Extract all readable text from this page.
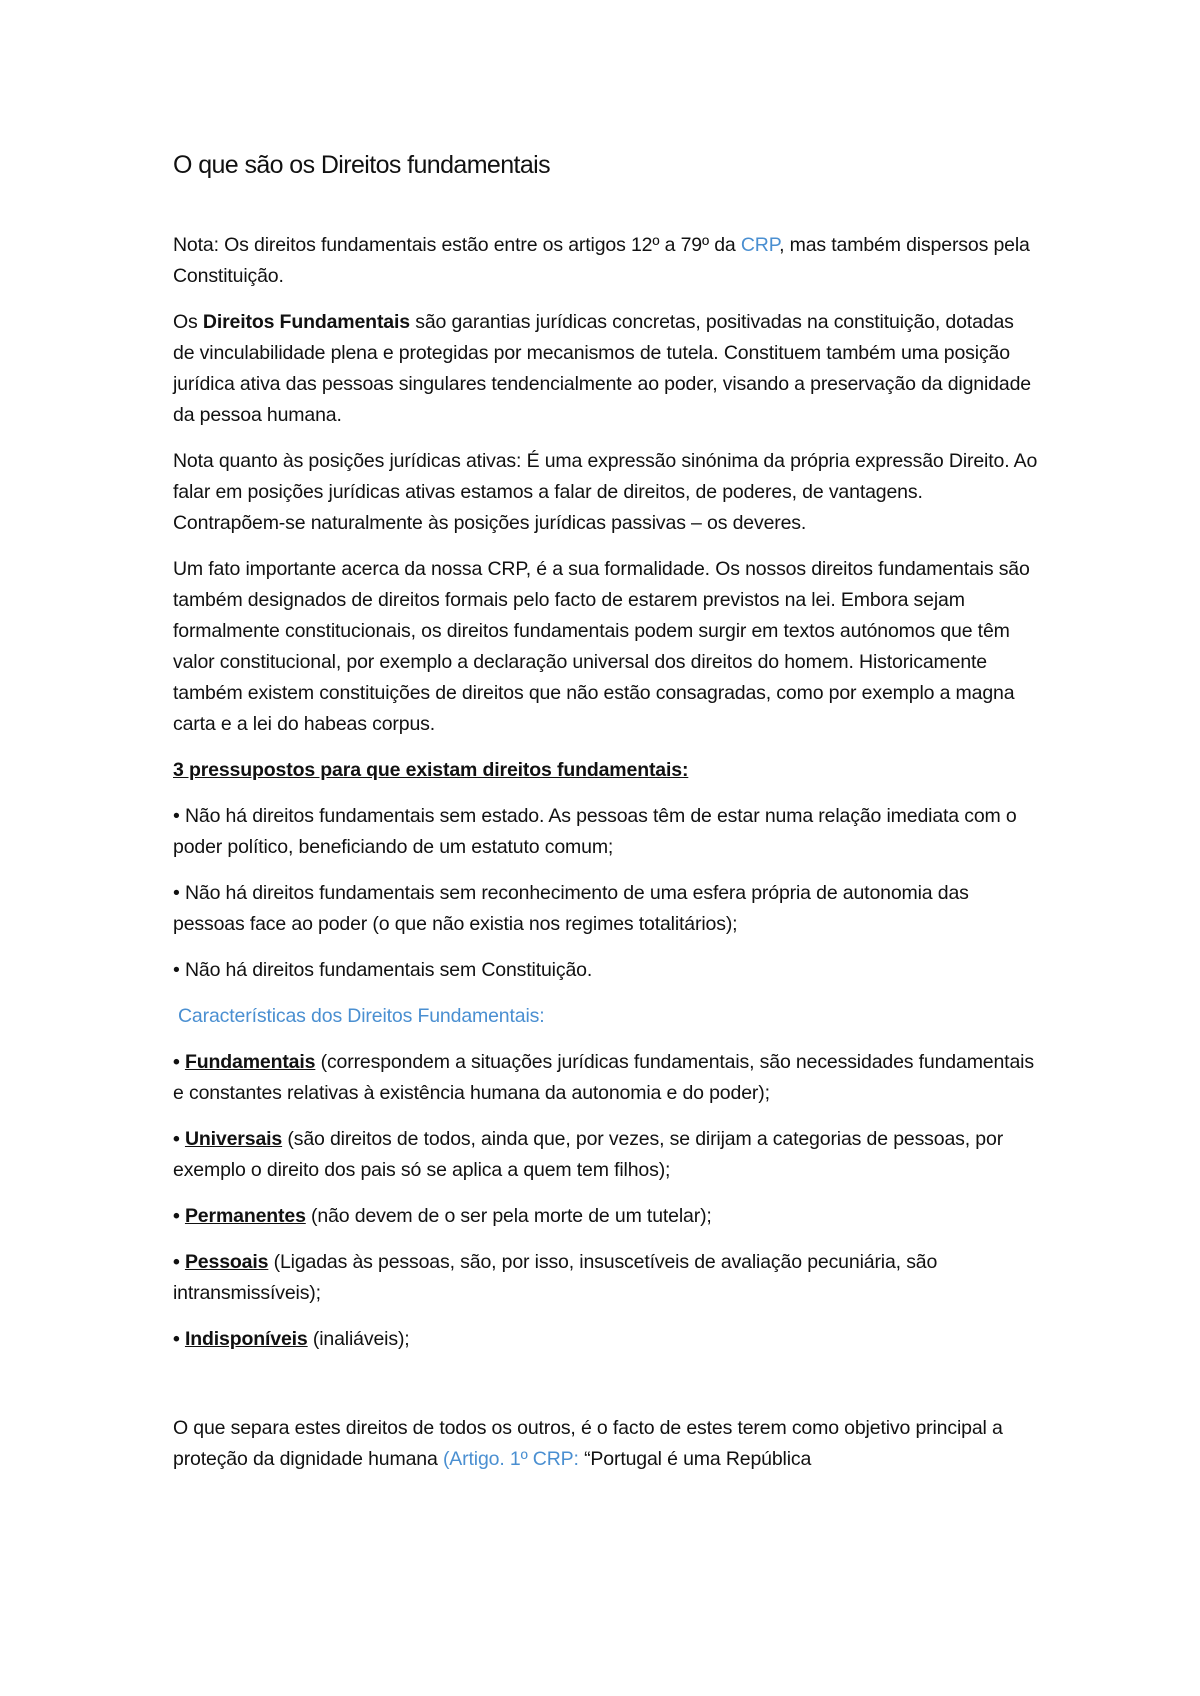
O que são os Direitos fundamentais

Nota: Os direitos fundamentais estão entre os artigos 12º a 79º da CRP, mas também dispersos pela Constituição.

Os Direitos Fundamentais são garantias jurídicas concretas, positivadas na constituição, dotadas de vinculabilidade plena e protegidas por mecanismos de tutela. Constituem também uma posição jurídica ativa das pessoas singulares tendencialmente ao poder, visando a preservação da dignidade da pessoa humana.

Nota quanto às posições jurídicas ativas: É uma expressão sinónima da própria expressão Direito. Ao falar em posições jurídicas ativas estamos a falar de direitos, de poderes, de vantagens. Contrapõem-se naturalmente às posições jurídicas passivas – os deveres.

Um fato importante acerca da nossa CRP, é a sua formalidade. Os nossos direitos fundamentais são também designados de direitos formais pelo facto de estarem previstos na lei. Embora sejam formalmente constitucionais, os direitos fundamentais podem surgir em textos autónomos que têm valor constitucional, por exemplo a declaração universal dos direitos do homem. Historicamente também existem constituições de direitos que não estão consagradas, como por exemplo a magna carta e a lei do habeas corpus.

3 pressupostos para que existam direitos fundamentais:

• Não há direitos fundamentais sem estado. As pessoas têm de estar numa relação imediata com o poder político, beneficiando de um estatuto comum;

• Não há direitos fundamentais sem reconhecimento de uma esfera própria de autonomia das pessoas face ao poder (o que não existia nos regimes totalitários);

• Não há direitos fundamentais sem Constituição.

Características dos Direitos Fundamentais:

• Fundamentais (correspondem a situações jurídicas fundamentais, são necessidades fundamentais e constantes relativas à existência humana da autonomia e do poder);

• Universais (são direitos de todos, ainda que, por vezes, se dirijam a categorias de pessoas, por exemplo o direito dos pais só se aplica a quem tem filhos);

• Permanentes (não devem de o ser pela morte de um tutelar);

• Pessoais (Ligadas às pessoas, são, por isso, insuscetíveis de avaliação pecuniária, são intransmissíveis);

• Indisponíveis (inaliáveis);

O que separa estes direitos de todos os outros, é o facto de estes terem como objetivo principal a proteção da dignidade humana (Artigo. 1º CRP: “Portugal é uma República
